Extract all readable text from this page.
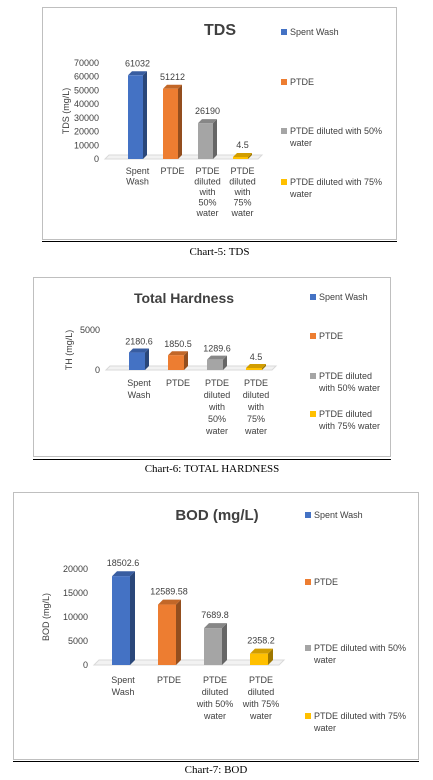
TDS
TDS (mg/L)
0
10000
20000
30000
40000
50000
60000
70000	61032
Spent
Wash
51212
PTDE
26190
PTDE
diluted
with
50%
water
4.5
PTDE
diluted
with
75%
water
Spent Wash
PTDE
PTDE diluted with 50%
water
PTDE diluted with 75%
water
Chart-5: TDS
Total Hardness
TH (mg/L) 0
5000
2180.6
Spent
Wash
1850.5
PTDE
1289.6
PTDE
diluted
with
50%
water
4.5
PTDE
diluted
with
75%
water
Spent Wash
PTDE
PTDE diluted
with 50% water
PTDE diluted
with 75% water
Chart-6: TOTAL HARDNESS
BOD (mg/L)
BOD (mg/L)
0
5000
10000
15000
20000
18502.6
Spent
Wash
12589.58
PTDE
7689.8
PTDE
diluted
with 50%
water
2358.2
PTDE
diluted
with 75%
water
Spent Wash
PTDE
PTDE diluted with 50%
water
PTDE diluted with 75%
water
Chart-7: BOD
